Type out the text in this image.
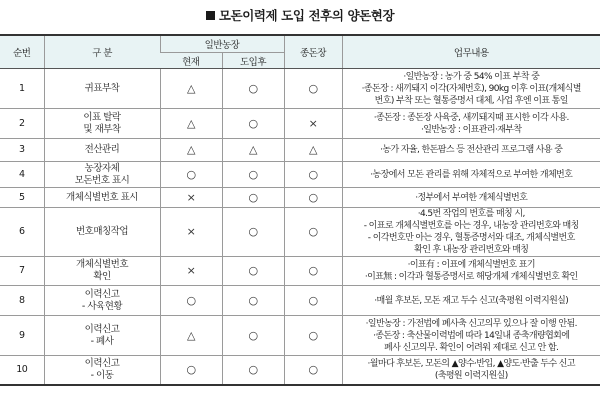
모돈이력제 도입 전후의 양돈현장
순번	구 분	일반농장		종돈장	업무내용
		현재	도입후		
1	귀표부착	△	○	○	·일반농장 : 농가 중 54% 이표 부착 중
·종돈장 : 새끼돼지 이각(자체번호), 90kg 이후 이표(개체식별
번호) 부착 또는 혈통증명서 대체, 사업 후엔 이표 통일

2	이표 탈락
및 재부착	△	○	×	·종돈장 : 종돈장 사육중, 새끼돼지때 표시한 이각 사용.
·일반농장 : 이표관리·재부착

3	전산관리	△	△	△	·농가 자율, 한돈팜스 등 전산관리 프로그램 사용 중

4	농장자체
모돈번호 표시	○	○	○	·농장에서 모돈 관리를 위해 자체적으로 부여한 개체번호

5	개체식별번호 표시	×	○	○	·정부에서 부여한 개체식별번호

6	번호매칭작업	×	○	○	·4.5번 작업의 번호를 매칭 시,
- 이표로 개체식별번호를 아는 경우, 내농장 관리번호와 매칭
- 이각번호만 아는 경우, 혈통증명서와 대조, 개체식별번호
확인 후 내농장 관리번호와 매칭

7	개체식별번호
확인	×	○	○	·이표有 : 이표에 개체식별번호 표기
·이표無 : 이각과 혈통증명서로 해당개체 개체식별번호 확인

8	이력신고
- 사육현황	○	○	○	·매월 후보돈, 모돈 재고 두수 신고(축평원 이력지원실)

9	이력신고
- 폐사	△	○	○	·일반농장 : 가전법에 폐사축 신고의무 있으나 잘 이행 안됨.
·종돈장 : 축산물이력법에 따라 14일내 종축개량협회에
폐사 신고의무. 확인이 어려워 제대로 신고 안 함.

10	이력신고
- 이동	○	○	○	·월마다 후보돈, 모돈의 ▲양수·반입, ▲양도·반출 두수 신고
(축평원 이력지원실)
